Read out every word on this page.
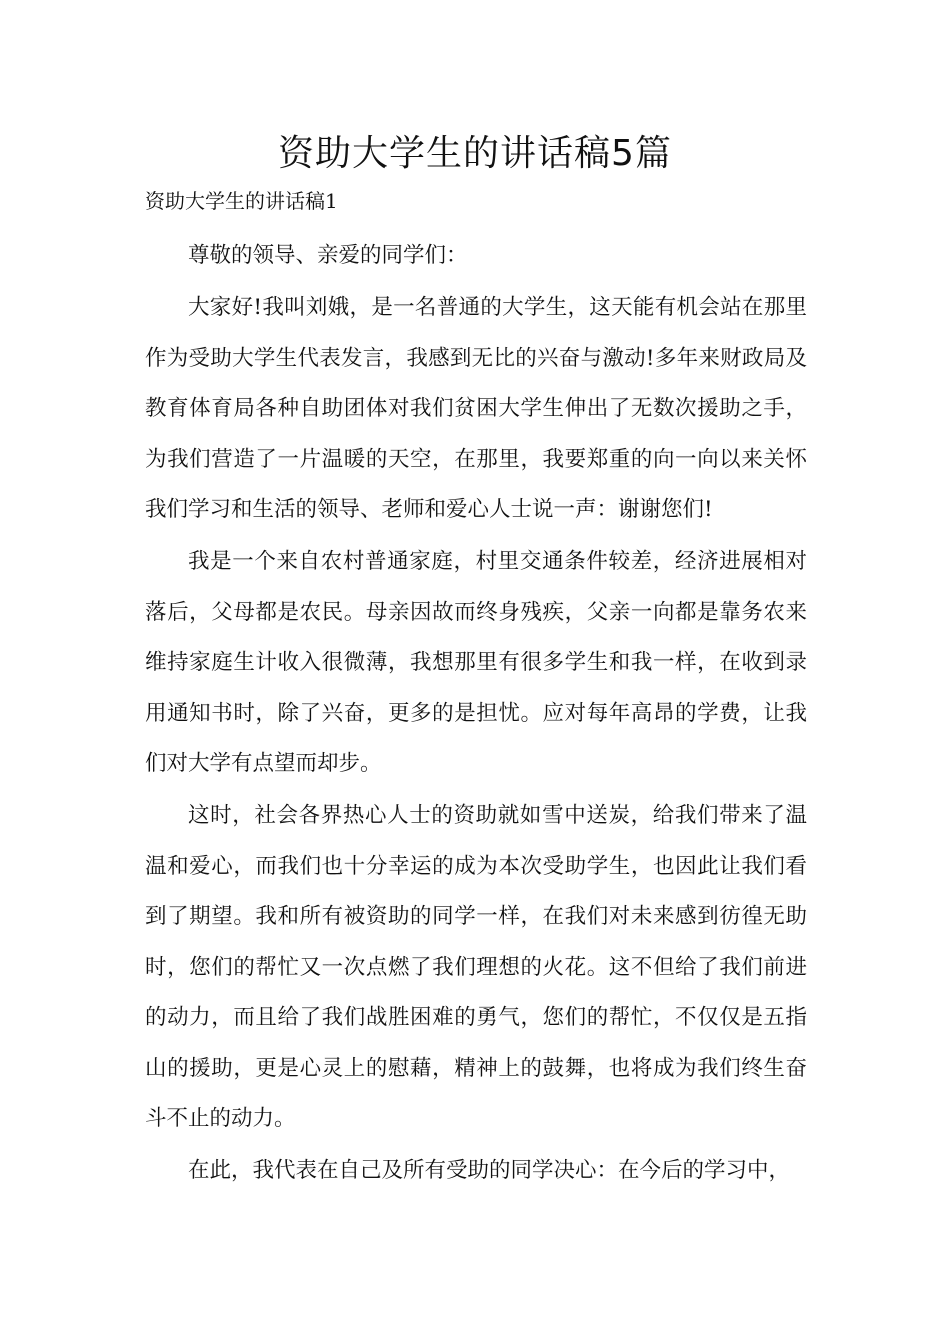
资助大学生的讲话稿5篇

资助大学生的讲话稿1

尊敬的领导、亲爱的同学们：

大家好!我叫刘娥，是一名普通的大学生，这天能有机会站在那里作为受助大学生代表发言，我感到无比的兴奋与激动!多年来财政局及教育体育局各种自助团体对我们贫困大学生伸出了无数次援助之手，为我们营造了一片温暖的天空，在那里，我要郑重的向一向以来关怀我们学习和生活的领导、老师和爱心人士说一声：谢谢您们!

我是一个来自农村普通家庭，村里交通条件较差，经济进展相对落后，父母都是农民。母亲因故而终身残疾，父亲一向都是靠务农来维持家庭生计收入很微薄，我想那里有很多学生和我一样，在收到录用通知书时，除了兴奋，更多的是担忧。应对每年高昂的学费，让我们对大学有点望而却步。

这时，社会各界热心人士的资助就如雪中送炭，给我们带来了温温和爱心，而我们也十分幸运的成为本次受助学生，也因此让我们看到了期望。我和所有被资助的同学一样，在我们对未来感到彷徨无助时，您们的帮忙又一次点燃了我们理想的火花。这不但给了我们前进的动力，而且给了我们战胜困难的勇气，您们的帮忙，不仅仅是五指山的援助，更是心灵上的慰藉，精神上的鼓舞，也将成为我们终生奋斗不止的动力。

在此，我代表在自己及所有受助的同学决心：在今后的学习中，
